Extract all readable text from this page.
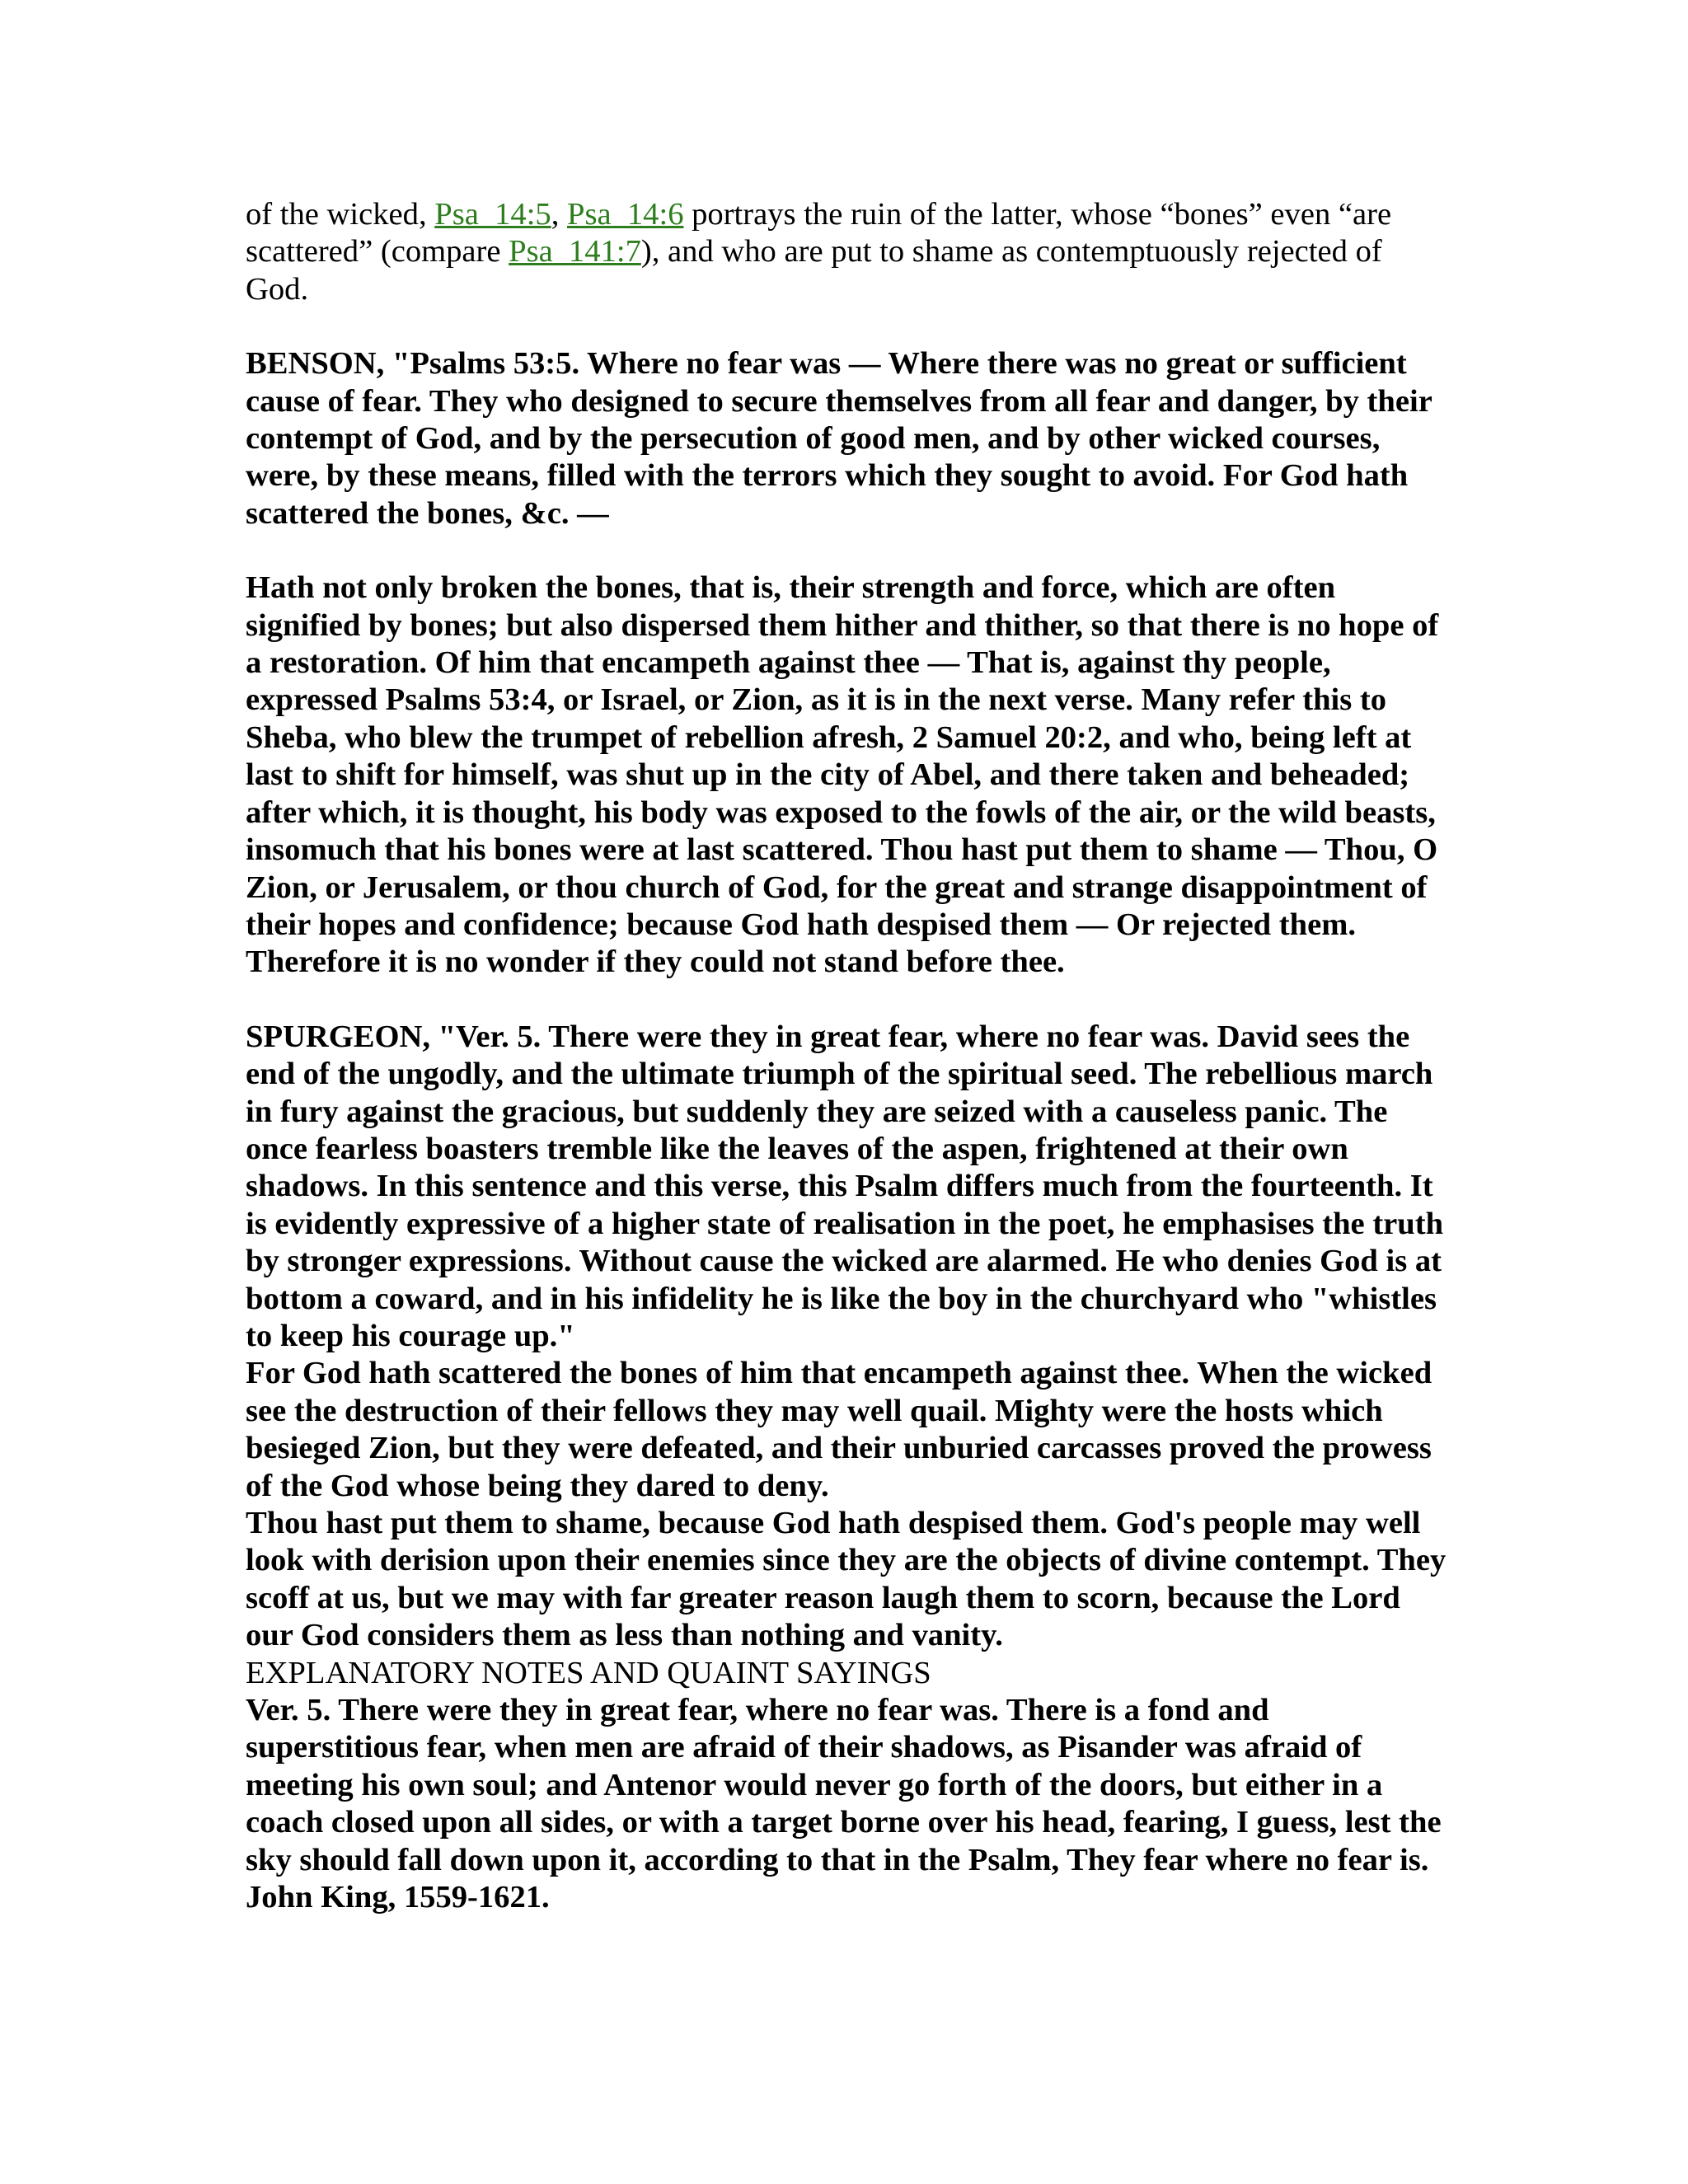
of the wicked, Psa_14:5, Psa_14:6 portrays the ruin of the latter, whose “bones” even “are scattered” (compare Psa_141:7), and who are put to shame as contemptuously rejected of God.

BENSON, "Psalms 53:5. Where no fear was — Where there was no great or sufficient cause of fear. They who designed to secure themselves from all fear and danger, by their contempt of God, and by the persecution of good men, and by other wicked courses, were, by these means, filled with the terrors which they sought to avoid. For God hath scattered the bones, &c. —

Hath not only broken the bones, that is, their strength and force, which are often signified by bones; but also dispersed them hither and thither, so that there is no hope of a restoration. Of him that encampeth against thee — That is, against thy people, expressed Psalms 53:4, or Israel, or Zion, as it is in the next verse. Many refer this to Sheba, who blew the trumpet of rebellion afresh, 2 Samuel 20:2, and who, being left at last to shift for himself, was shut up in the city of Abel, and there taken and beheaded; after which, it is thought, his body was exposed to the fowls of the air, or the wild beasts, insomuch that his bones were at last scattered. Thou hast put them to shame — Thou, O Zion, or Jerusalem, or thou church of God, for the great and strange disappointment of their hopes and confidence; because God hath despised them — Or rejected them. Therefore it is no wonder if they could not stand before thee.

SPURGEON, "Ver. 5. There were they in great fear, where no fear was. David sees the end of the ungodly, and the ultimate triumph of the spiritual seed. The rebellious march in fury against the gracious, but suddenly they are seized with a causeless panic. The once fearless boasters tremble like the leaves of the aspen, frightened at their own shadows. In this sentence and this verse, this Psalm differs much from the fourteenth. It is evidently expressive of a higher state of realisation in the poet, he emphasises the truth by stronger expressions. Without cause the wicked are alarmed. He who denies God is at bottom a coward, and in his infidelity he is like the boy in the churchyard who "whistles to keep his courage up."

For God hath scattered the bones of him that encampeth against thee. When the wicked see the destruction of their fellows they may well quail. Mighty were the hosts which besieged Zion, but they were defeated, and their unburied carcasses proved the prowess of the God whose being they dared to deny.

Thou hast put them to shame, because God hath despised them. God's people may well look with derision upon their enemies since they are the objects of divine contempt. They scoff at us, but we may with far greater reason laugh them to scorn, because the Lord our God considers them as less than nothing and vanity.

EXPLANATORY NOTES AND QUAINT SAYINGS

Ver. 5. There were they in great fear, where no fear was. There is a fond and superstitious fear, when men are afraid of their shadows, as Pisander was afraid of meeting his own soul; and Antenor would never go forth of the doors, but either in a coach closed upon all sides, or with a target borne over his head, fearing, I guess, lest the sky should fall down upon it, according to that in the Psalm, They fear where no fear is. John King, 1559-1621.
